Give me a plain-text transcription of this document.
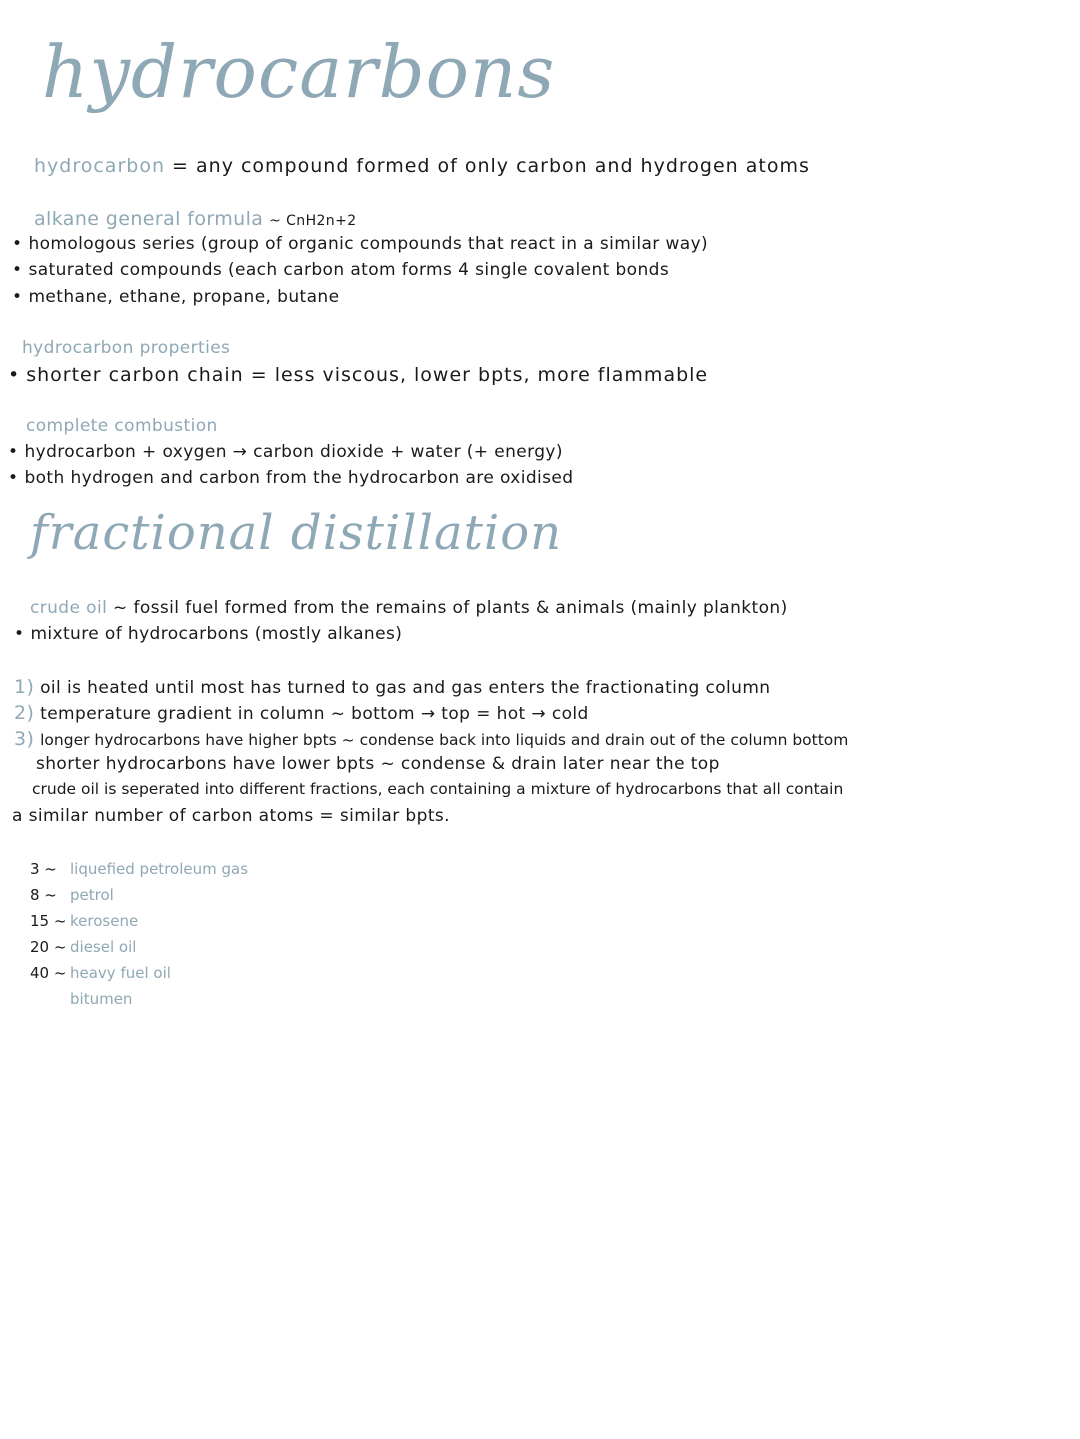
hydrocarbons
hydrocarbon = any compound formed of only carbon and hydrogen atoms
alkane general formula ~ CnH2n+2
• homologous series (group of organic compounds that react in a similar way)
• saturated compounds (each carbon atom forms 4 single covalent bonds
• methane, ethane, propane, butane
hydrocarbon properties
• shorter carbon chain = less viscous, lower bpts, more flammable
complete combustion
• hydrocarbon + oxygen → carbon dioxide + water (+ energy)
• both hydrogen and carbon from the hydrocarbon are oxidised
fractional distillation
crude oil ~ fossil fuel formed from the remains of plants & animals (mainly plankton)
• mixture of hydrocarbons (mostly alkanes)
1) oil is heated until most has turned to gas and gas enters the fractionating column
2) temperature gradient in column ~ bottom → top = hot → cold
3) longer hydrocarbons have higher bpts ~ condense back into liquids and drain out of the column bottom
shorter hydrocarbons have lower bpts ~ condense & drain later near the top
crude oil is seperated into different fractions, each containing a mixture of hydrocarbons that all contain
a similar number of carbon atoms = similar bpts.
3 ~ liquefied petroleum gas
8 ~ petrol
15 ~ kerosene
20 ~ diesel oil
40 ~ heavy fuel oil
bitumen
